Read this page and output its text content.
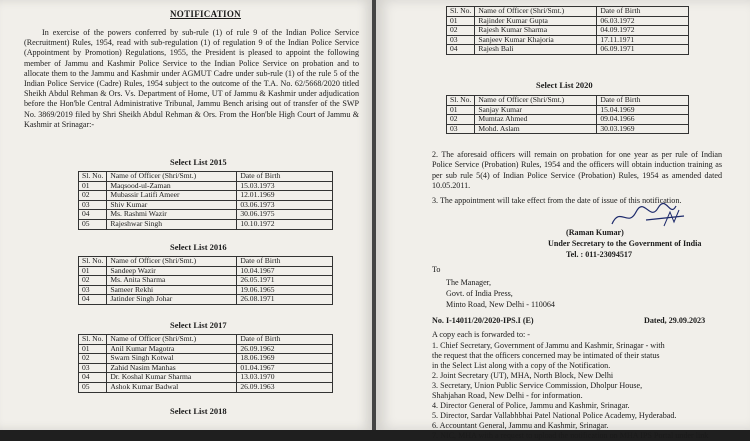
NOTIFICATION
In exercise of the powers conferred by sub-rule (1) of rule 9 of the Indian Police Service (Recruitment) Rules, 1954, read with sub-regulation (1) of regulation 9 of the Indian Police Service (Appointment by Promotion) Regulations, 1955, the President is pleased to appoint the following member of Jammu and Kashmir Police Service to the Indian Police Service on probation and to allocate them to the Jammu and Kashmir under AGMUT Cadre under sub-rule (1) of the rule 5 of the Indian Police Service (Cadre) Rules, 1954 subject to the outcome of the T.A. No. 62/5668/2020 titled Sheikh Abdul Rehman & Ors. Vs. Department of Home, UT of Jammu & Kashmir under adjudication before the Hon'ble Central Administrative Tribunal, Jammu Bench arising out of transfer of the SWP No. 3869/2019 filed by Shri Sheikh Abdul Rehman & Ors. From the Hon'ble High Court of Jammu & Kashmir at Srinagar:-
Select List 2015
Sl. No.	Name of Officer (Shri/Smt.)	Date of Birth
01	Maqsood-ul-Zaman	15.03.1973
02	Mubassir Latifi Ameer	12.01.1969
03	Shiv Kumar	03.06.1973
04	Ms. Rashmi Wazir	30.06.1975
05	Rajeshwar Singh	10.10.1972
Select List 2016
Sl. No.	Name of Officer (Shri/Smt.)	Date of Birth
01	Sandeep Wazir	10.04.1967
02	Ms. Anita Sharma	26.05.1971
03	Sameer Rekhi	19.06.1965
04	Jatinder Singh Johar	26.08.1971
Select List 2017
Sl. No.	Name of Officer (Shri/Smt.)	Date of Birth
01	Anil Kumar Magotra	26.09.1962
02	Swarn Singh Kotwal	18.06.1969
03	Zahid Nasim Manhas	01.04.1967
04	Dr. Koshal Kumar Sharma	13.03.1970
05	Ashok Kumar Badwal	26.09.1963
Select List 2018
Sl. No.	Name of Officer (Shri/Smt.)	Date of Birth
01	Rajinder Kumar Gupta	06.03.1972
02	Rajesh Kumar Sharma	04.09.1972
03	Sanjeev Kumar Khajoria	17.11.1971
04	Rajesh Bali	06.09.1971
Select List 2020
Sl. No.	Name of Officer (Shri/Smt.)	Date of Birth
01	Sanjay Kumar	15.04.1969
02	Mumtaz Ahmed	09.04.1966
03	Mohd. Aslam	30.03.1969
2. The aforesaid officers will remain on probation for one year as per rule of Indian Police Service (Probation) Rules, 1954 and the officers will obtain induction training as per sub rule 5(4) of Indian Police Service (Probation) Rules, 1954 as amended dated 10.05.2011.
3. The appointment will take effect from the date of issue of this notification.
(Raman Kumar)
Under Secretary to the Government of India
Tel. : 011-23094517
To
The Manager,
Govt. of India Press,
Minto Road, New Delhi - 110064
No. I-14011/20/2020-IPS.I (E)	Dated, 29.09.2023
A copy each is forwarded to: -
1. Chief Secretary, Government of Jammu and Kashmir, Srinagar - with
the request that the officers concerned may be intimated of their status
in the Select List along with a copy of the Notification.
2. Joint Secretary (UT), MHA, North Block, New Delhi
3. Secretary, Union Public Service Commission, Dholpur House,
Shahjahan Road, New Delhi - for information.
4. Director General of Police, Jammu and Kashmir, Srinagar.
5. Director, Sardar Vallabhbhai Patel National Police Academy, Hyderabad.
6. Accountant General, Jammu and Kashmir, Srinagar.
7. NIC, MHA with a request to upload the notification on MHA IPS Portal under link
